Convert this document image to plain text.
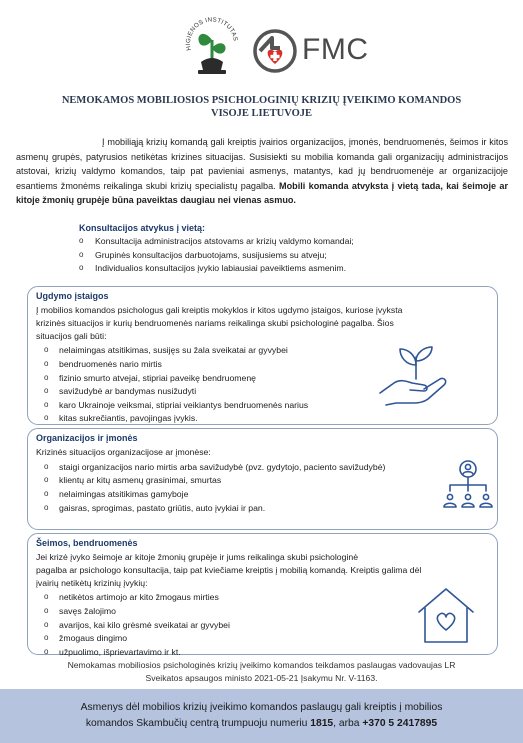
HIGIENOS INSTITUTAS FMC
NEMOKAMOS MOBILIOSIOS PSICHOLOGINIŲ KRIZIŲ ĮVEIKIMO KOMANDOS
VISOJE LIETUVOJE

Į mobiliąją krizių komandą gali kreiptis įvairios organizacijos, įmonės, bendruomenės, šeimos ir kitos asmenų grupės, patyrusios netikėtas krizines situacijas. Susisiekti su mobilia komanda gali organizacijų administracijos atstovai, krizių valdymo komandos, taip pat pavieniai asmenys, matantys, kad jų bendruomenėje ar organizacijoje esantiems žmonėms reikalinga skubi krizių specialistų pagalba. Mobili komanda atvyksta į vietą tada, kai šeimoje ar kitoje žmonių grupėje būna paveiktas daugiau nei vienas asmuo.

Konsultacijos atvykus į vietą:
o Konsultacija administracijos atstovams ar krizių valdymo komandai;
o Grupinės konsultacijos darbuotojams, susijusiems su atveju;
o Individualios konsultacijos įvykio labiausiai paveiktiems asmenim.
Ugdymo įstaigos
Į mobilios komandos psichologus gali kreiptis mokyklos ir kitos ugdymo įstaigos, kuriose įvyksta
krizinės situacijos ir kurių bendruomenės nariams reikalinga skubi psichologinė pagalba. Šios
situacijos gali būti:
o nelaimingas atsitikimas, susijęs su žala sveikatai ar gyvybei
o bendruomenės nario mirtis
o fizinio smurto atvejai, stipriai paveikę bendruomenę
o savižudybė ar bandymas nusižudyti
o karo Ukrainoje veiksmai, stipriai veikiantys bendruomenės narius
o kitas sukrečiantis, pavojingas įvykis.
Organizacijos ir įmonės
Krizinės situacijos organizacijose ar įmonėse:
o staigi organizacijos nario mirtis arba savižudybė (pvz. gydytojo, paciento savižudybė)
o klientų ar kitų asmenų grasinimai, smurtas
o nelaimingas atsitikimas gamyboje
o gaisras, sprogimas, pastato griūtis, auto įvykiai ir pan.
Šeimos, bendruomenės
Jei krizė įvyko šeimoje ar kitoje žmonių grupėje ir jums reikalinga skubi psichologinė
pagalba ar psichologo konsultacija, taip pat kviečiame kreiptis į mobilią komandą. Kreiptis galima dėl
įvairių netikėtų krizinių įvykių:
o netikėtos artimojo ar kito žmogaus mirties
o savęs žalojimo
o avarijos, kai kilo grėsmė sveikatai ar gyvybei
o žmogaus dingimo
o užpuolimo, išprievartavimo ir kt.
Nemokamas mobiliosios psichologinės krizių įveikimo komandos teikdamos paslaugas vadovaujas LR
Sveikatos apsaugos ministo 2021-05-21 Įsakymu Nr. V-1163.
Asmenys dėl mobilios krizių įveikimo komandos paslaugų gali kreiptis į mobilios
komandos Skambučių centrą trumpuoju numeriu 1815, arba +370 5 2417895
